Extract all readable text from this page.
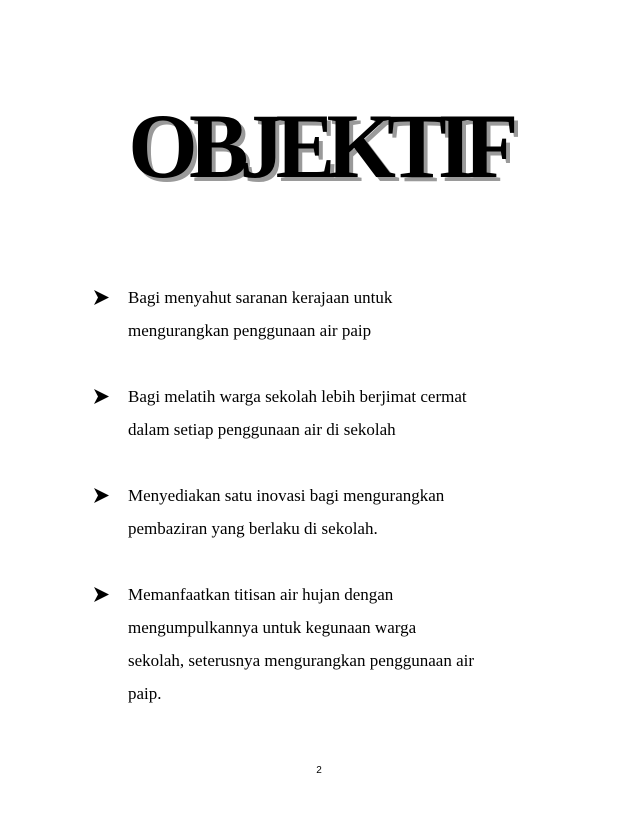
OBJEKTIF
Bagi menyahut saranan kerajaan untuk
mengurangkan penggunaan air paip
Bagi melatih warga sekolah lebih berjimat cermat
dalam setiap penggunaan air di sekolah
Menyediakan satu inovasi bagi mengurangkan
pembaziran yang berlaku di sekolah.
Memanfaatkan titisan air hujan dengan
mengumpulkannya untuk kegunaan warga
sekolah, seterusnya mengurangkan penggunaan air
paip.
2
